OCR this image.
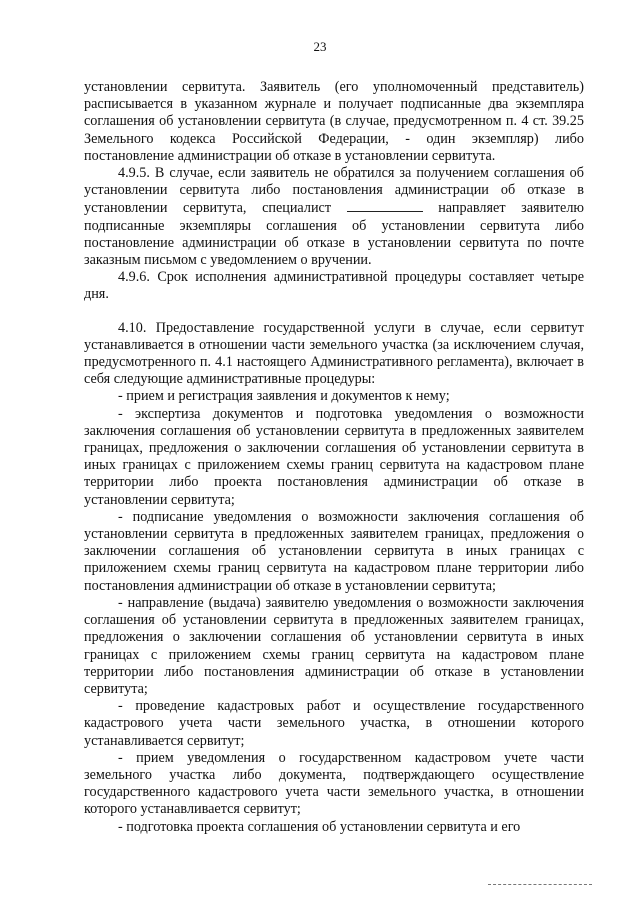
23

установлении сервитута. Заявитель (его уполномоченный представитель) расписывается в указанном журнале и получает подписанные два экземпляра соглашения об установлении сервитута (в случае, предусмотренном п. 4 ст. 39.25 Земельного кодекса Российской Федерации, - один экземпляр) либо постановление администрации об отказе в установлении сервитута.

4.9.5. В случае, если заявитель не обратился за получением соглашения об установлении сервитута либо постановления администрации об отказе в установлении сервитута, специалист	направляет заявителю подписанные экземпляры соглашения об установлении сервитута либо постановление администрации об отказе в установлении сервитута по почте заказным письмом с уведомлением о вручении.

4.9.6. Срок исполнения административной процедуры составляет четыре дня.

4.10. Предоставление государственной услуги в случае, если сервитут устанавливается в отношении части земельного участка (за исключением случая, предусмотренного п. 4.1 настоящего Административного регламента), включает в себя следующие административные процедуры:

- прием и регистрация заявления и документов к нему;

- экспертиза документов и подготовка уведомления о возможности заключения соглашения об установлении сервитута в предложенных заявителем границах, предложения о заключении соглашения об установлении сервитута в иных границах с приложением схемы границ сервитута на кадастровом плане территории либо проекта постановления администрации об отказе в установлении сервитута;

- подписание уведомления о возможности заключения соглашения об установлении сервитута в предложенных заявителем границах, предложения о заключении соглашения об установлении сервитута в иных границах с приложением схемы границ сервитута на кадастровом плане территории либо постановления администрации об отказе в установлении сервитута;

- направление (выдача) заявителю уведомления о возможности заключения соглашения об установлении сервитута в предложенных заявителем границах, предложения о заключении соглашения об установлении сервитута в иных границах с приложением схемы границ сервитута на кадастровом плане территории либо постановления администрации об отказе в установлении сервитута;

- проведение кадастровых работ и осуществление государственного кадастрового учета части земельного участка, в отношении которого устанавливается сервитут;

- прием уведомления о государственном кадастровом учете части земельного участка либо документа, подтверждающего осуществление государственного кадастрового учета части земельного участка, в отношении которого устанавливается сервитут;

- подготовка проекта соглашения об установлении сервитута и его
